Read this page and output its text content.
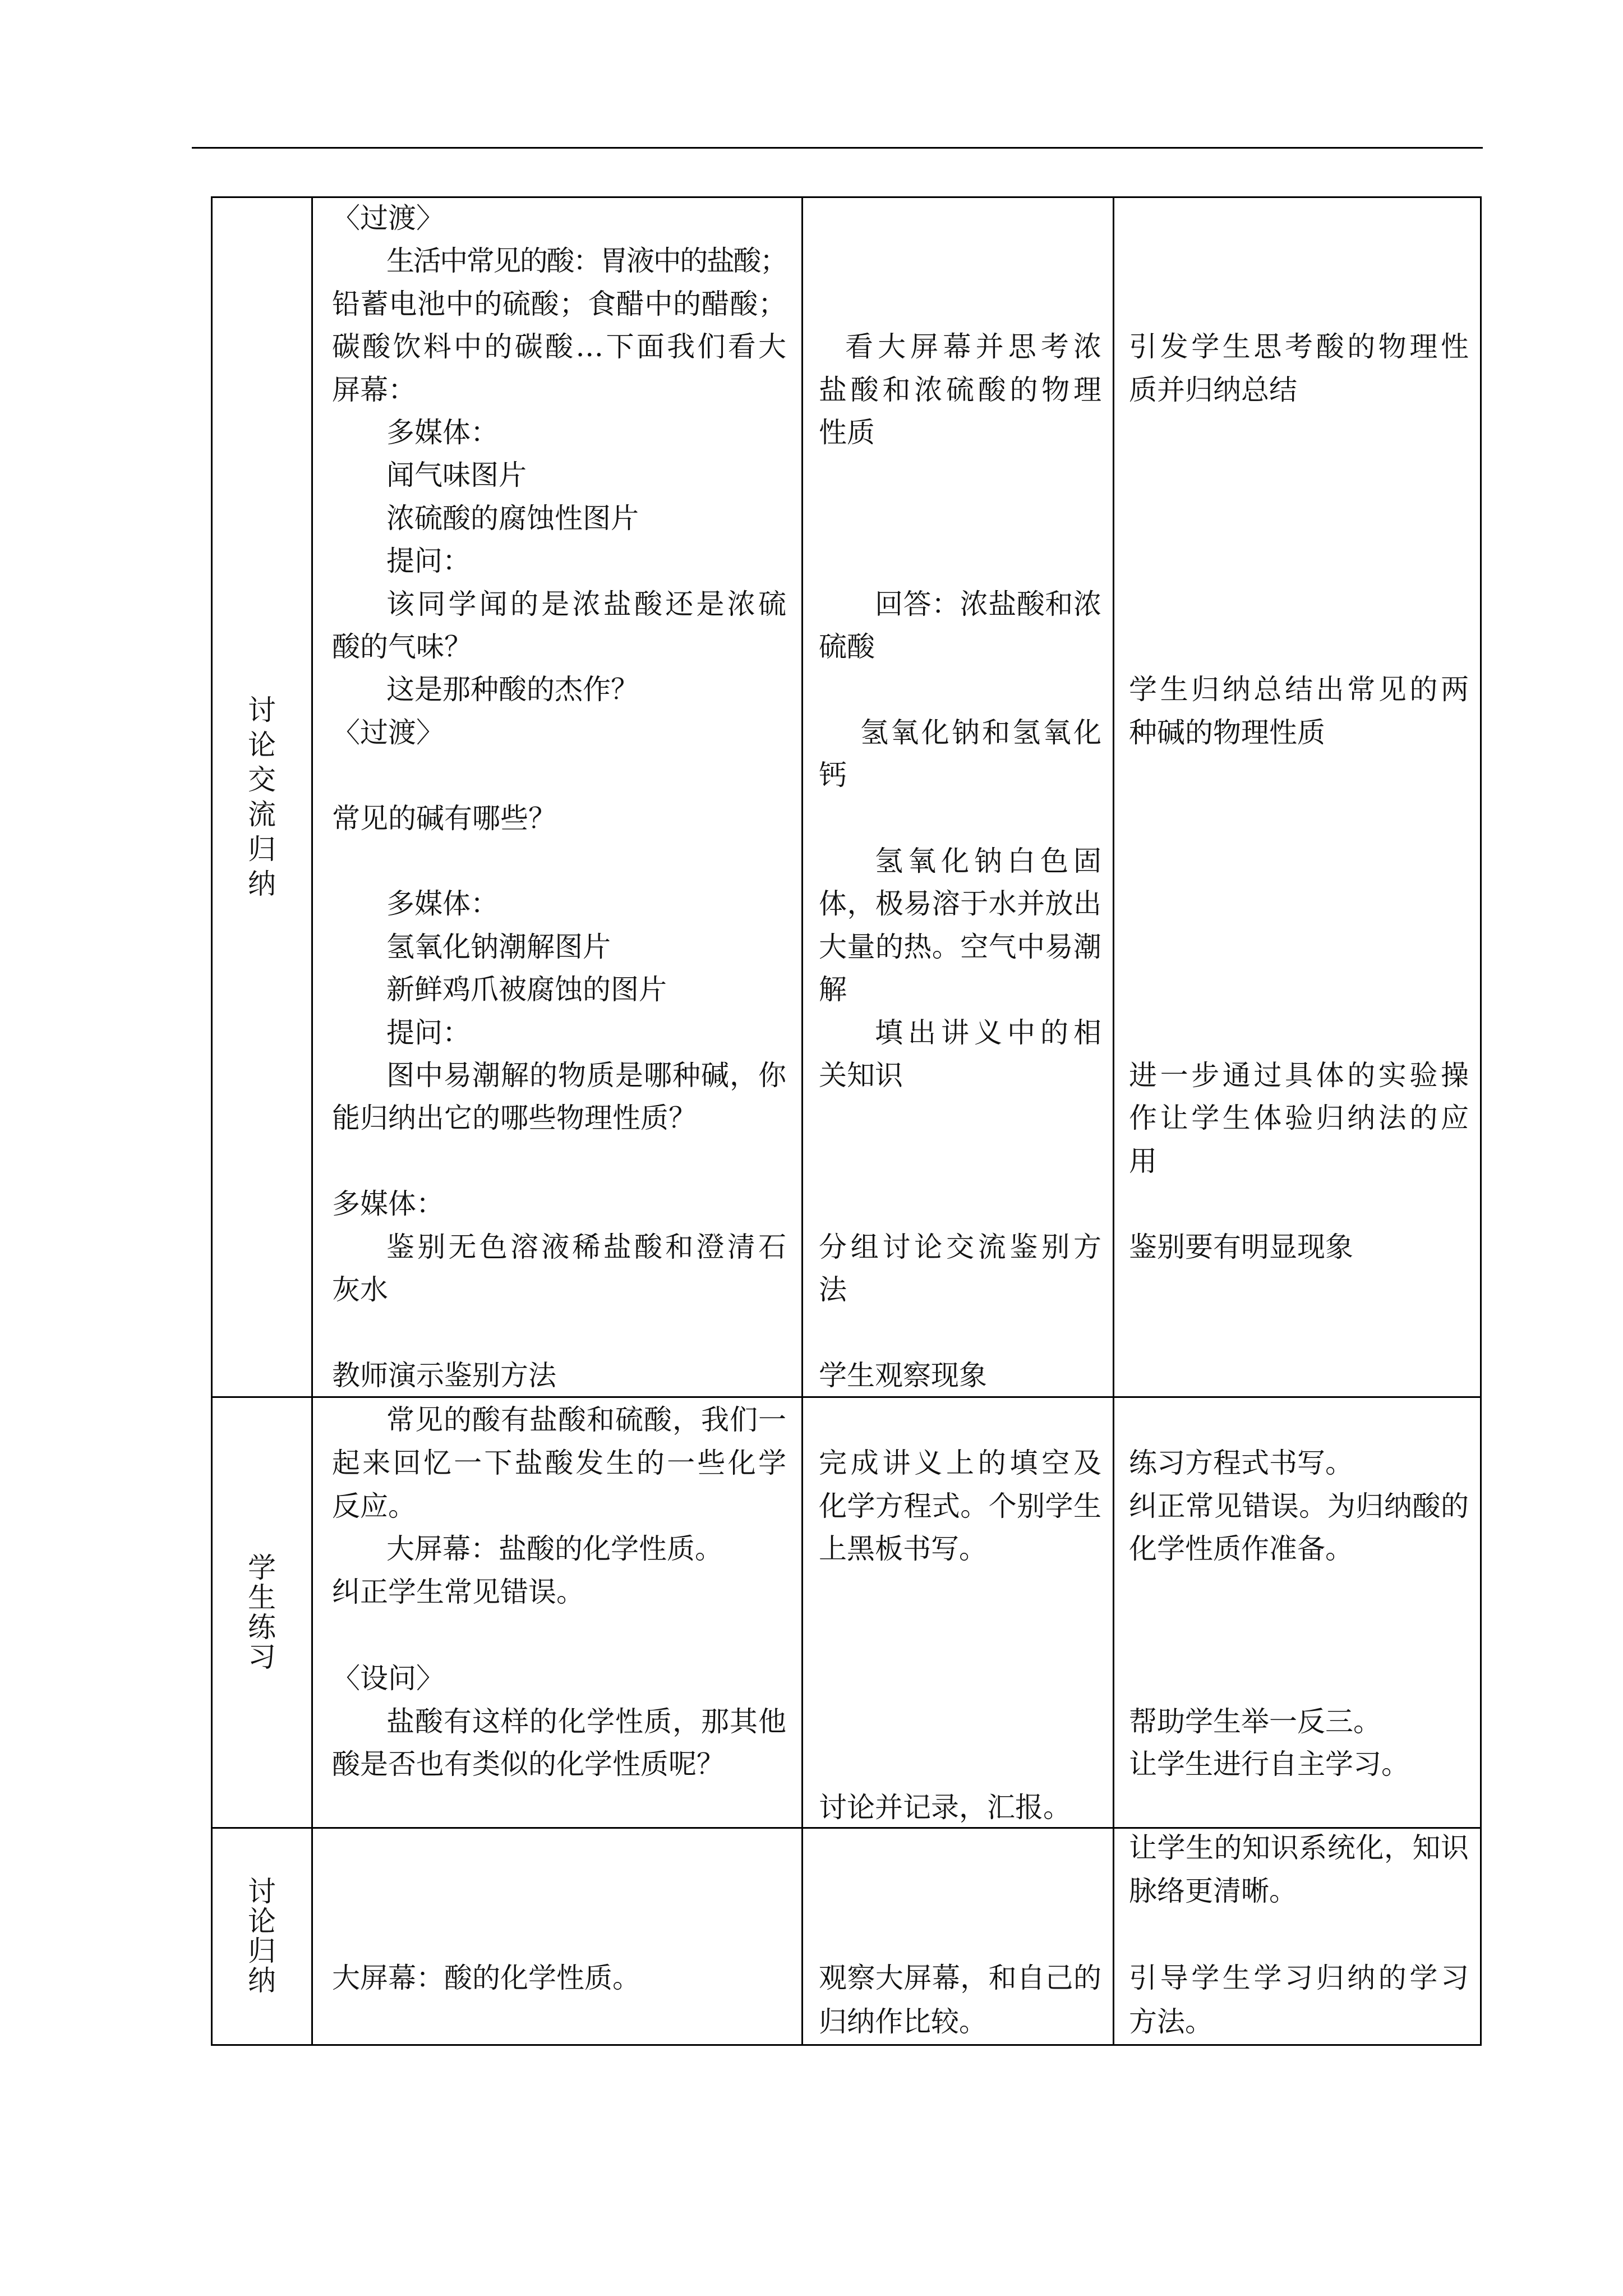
讨论交流归纳
〈过渡〉
生活中常见的酸：胃液中的盐酸；
铅蓄电池中的硫酸；食醋中的醋酸；
碳酸饮料中的碳酸…下面我们看大
屏幕：
多媒体：
闻气味图片
浓硫酸的腐蚀性图片
提问：
该同学闻的是浓盐酸还是浓硫
酸的气味？
这是那种酸的杰作？
〈过渡〉
常见的碱有哪些？
多媒体：
氢氧化钠潮解图片
新鲜鸡爪被腐蚀的图片
提问：
图中易潮解的物质是哪种碱，你
能归纳出它的哪些物理性质？
多媒体：
鉴别无色溶液稀盐酸和澄清石
灰水
教师演示鉴别方法
看大屏幕并思考浓
盐酸和浓硫酸的物理
性质
回答：浓盐酸和浓
硫酸
氢氧化钠和氢氧化
钙
氢氧化钠白色固
体，极易溶于水并放出
大量的热。空气中易潮
解
填出讲义中的相
关知识
分组讨论交流鉴别方
法
学生观察现象
引发学生思考酸的物理性
质并归纳总结
学生归纳总结出常见的两
种碱的物理性质
进一步通过具体的实验操
作让学生体验归纳法的应
用
鉴别要有明显现象
学生练习
常见的酸有盐酸和硫酸，我们一
起来回忆一下盐酸发生的一些化学
反应。
大屏幕：盐酸的化学性质。
纠正学生常见错误。
〈设问〉
盐酸有这样的化学性质，那其他
酸是否也有类似的化学性质呢？
完成讲义上的填空及
化学方程式。个别学生
上黑板书写。
讨论并记录，汇报。
练习方程式书写。
纠正常见错误。为归纳酸的
化学性质作准备。
帮助学生举一反三。
让学生进行自主学习。
讨论归纳 大屏幕：酸的化学性质。	观察大屏幕，和自己的
归纳作比较。
让学生的知识系统化，知识
脉络更清晰。
引导学生学习归纳的学习
方法。
